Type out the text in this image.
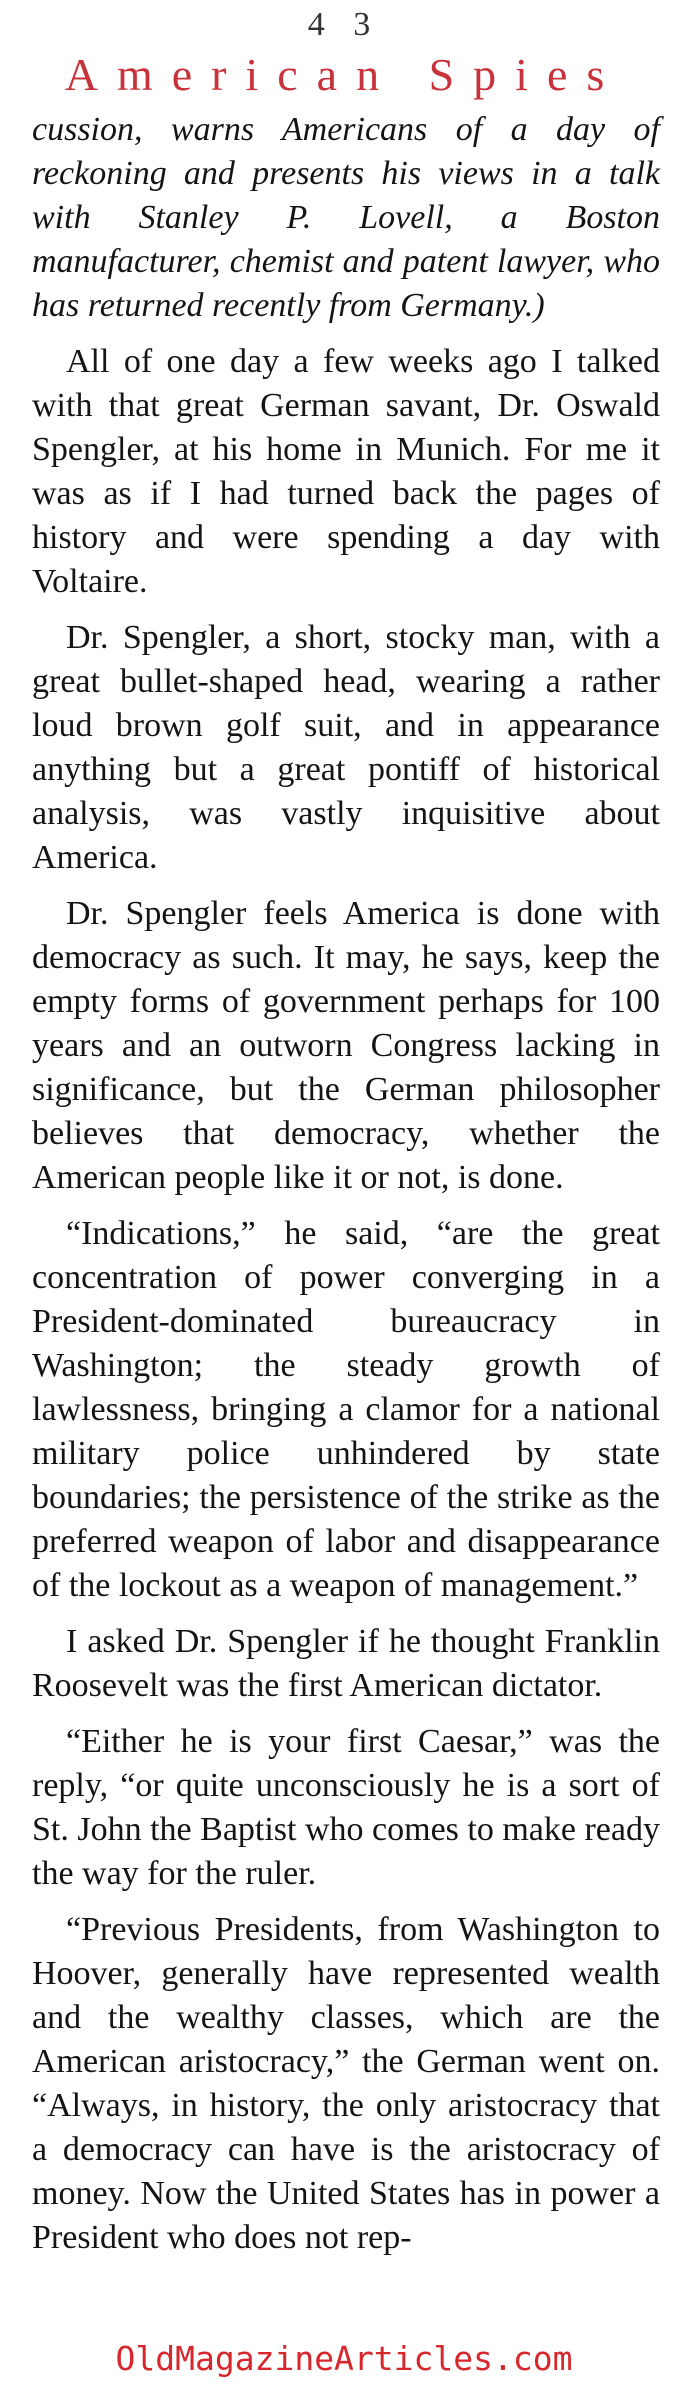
4 3
American Spies

cussion, warns Americans of a day of reckoning and presents his views in a talk with Stanley P. Lovell, a Boston manufacturer, chemist and patent lawyer, who has returned recently from Germany.)

All of one day a few weeks ago I talked with that great German savant, Dr. Oswald Spengler, at his home in Munich. For me it was as if I had turned back the pages of history and were spending a day with Voltaire.

Dr. Spengler, a short, stocky man, with a great bullet-shaped head, wearing a rather loud brown golf suit, and in appearance anything but a great pontiff of historical analysis, was vastly inquisitive about America.

Dr. Spengler feels America is done with democracy as such. It may, he says, keep the empty forms of government perhaps for 100 years and an outworn Congress lacking in significance, but the German philosopher believes that democracy, whether the American people like it or not, is done.

“Indications,” he said, “are the great concentration of power converging in a President-dominated bureaucracy in Washington; the steady growth of lawlessness, bringing a clamor for a national military police unhindered by state boundaries; the persistence of the strike as the preferred weapon of labor and disappearance of the lockout as a weapon of management.”

I asked Dr. Spengler if he thought Franklin Roosevelt was the first American dictator.

“Either he is your first Caesar,” was the reply, “or quite unconsciously he is a sort of St. John the Baptist who comes to make ready the way for the ruler.

“Previous Presidents, from Washington to Hoover, generally have represented wealth and the wealthy classes, which are the American aristocracy,” the German went on. “Always, in history, the only aristocracy that a democracy can have is the aristocracy of money. Now the United States has in power a President who does not rep-

OldMagazineArticles.com
